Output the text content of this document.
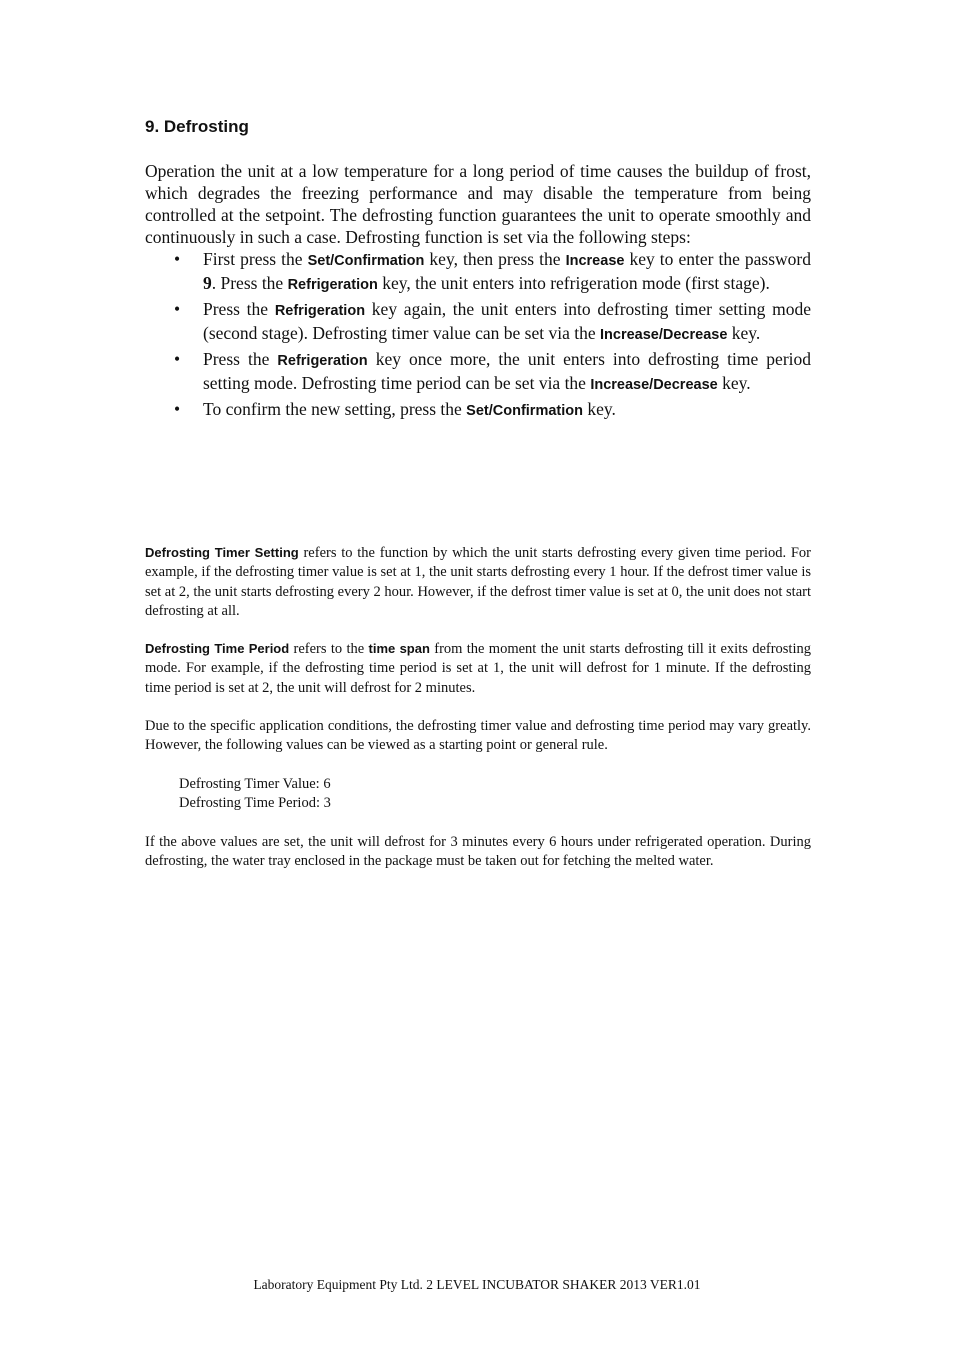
9. Defrosting

Operation the unit at a low temperature for a long period of time causes the buildup of frost, which degrades the freezing performance and may disable the temperature from being controlled at the setpoint. The defrosting function guarantees the unit to operate smoothly and continuously in such a case. Defrosting function is set via the following steps:

• First press the Set/Confirmation key, then press the Increase key to enter the password 9. Press the Refrigeration key, the unit enters into refrigeration mode (first stage).
• Press the Refrigeration key again, the unit enters into defrosting timer setting mode (second stage). Defrosting timer value can be set via the Increase/Decrease key.
• Press the Refrigeration key once more, the unit enters into defrosting time period setting mode. Defrosting time period can be set via the Increase/Decrease key.
• To confirm the new setting, press the Set/Confirmation key.

Defrosting Timer Setting refers to the function by which the unit starts defrosting every given time period. For example, if the defrosting timer value is set at 1, the unit starts defrosting every 1 hour. If the defrost timer value is set at 2, the unit starts defrosting every 2 hour. However, if the defrost timer value is set at 0, the unit does not start defrosting at all.

Defrosting Time Period refers to the time span from the moment the unit starts defrosting till it exits defrosting mode. For example, if the defrosting time period is set at 1, the unit will defrost for 1 minute. If the defrosting time period is set at 2, the unit will defrost for 2 minutes.

Due to the specific application conditions, the defrosting timer value and defrosting time period may vary greatly. However, the following values can be viewed as a starting point or general rule.

Defrosting Timer Value: 6
Defrosting Time Period: 3

If the above values are set, the unit will defrost for 3 minutes every 6 hours under refrigerated operation. During defrosting, the water tray enclosed in the package must be taken out for fetching the melted water.

Laboratory Equipment Pty Ltd. 2 LEVEL INCUBATOR SHAKER 2013 VER1.01
